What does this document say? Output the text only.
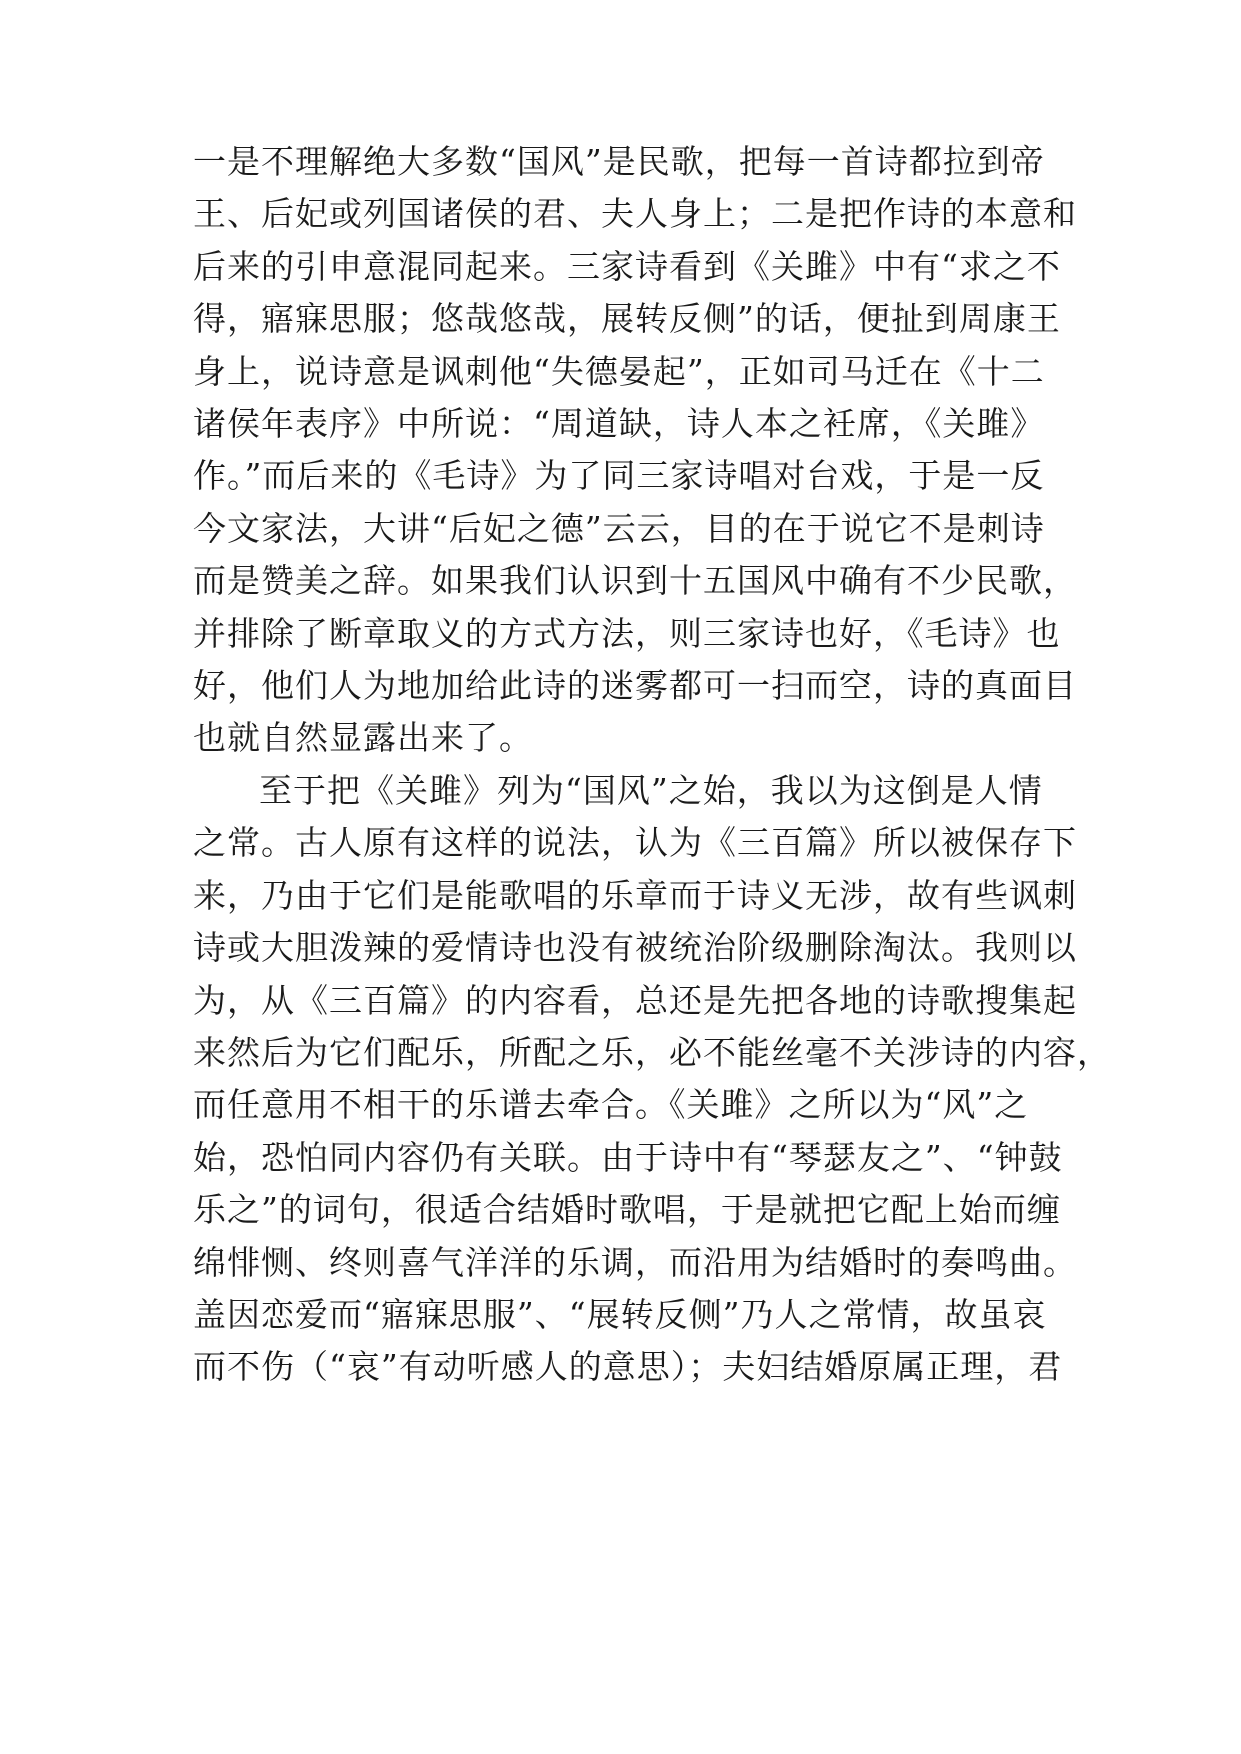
一是不理解绝大多数“国风”是民歌，把每一首诗都拉到帝
王、后妃或列国诸侯的君、夫人身上；二是把作诗的本意和
后来的引申意混同起来。三家诗看到《关雎》中有“求之不
得，寤寐思服；悠哉悠哉，展转反侧”的话，便扯到周康王
身上，说诗意是讽刺他“失德晏起”，正如司马迁在《十二
诸侯年表序》中所说：“周道缺，诗人本之衽席，《关雎》
作。”而后来的《毛诗》为了同三家诗唱对台戏，于是一反
今文家法，大讲“后妃之德”云云，目的在于说它不是刺诗
而是赞美之辞。如果我们认识到十五国风中确有不少民歌，
并排除了断章取义的方式方法，则三家诗也好，《毛诗》也
好，他们人为地加给此诗的迷雾都可一扫而空，诗的真面目
也就自然显露出来了。
至于把《关雎》列为“国风”之始，我以为这倒是人情
之常。古人原有这样的说法，认为《三百篇》所以被保存下
来，乃由于它们是能歌唱的乐章而于诗义无涉，故有些讽刺
诗或大胆泼辣的爱情诗也没有被统治阶级删除淘汰。我则以
为，从《三百篇》的内容看，总还是先把各地的诗歌搜集起
来然后为它们配乐，所配之乐，必不能丝毫不关涉诗的内容，
而任意用不相干的乐谱去牵合。《关雎》之所以为“风”之
始，恐怕同内容仍有关联。由于诗中有“琴瑟友之”、“钟鼓
乐之”的词句，很适合结婚时歌唱，于是就把它配上始而缠
绵悱恻、终则喜气洋洋的乐调，而沿用为结婚时的奏鸣曲。
盖因恋爱而“寤寐思服”、“展转反侧”乃人之常情，故虽哀
而不伤（“哀”有动听感人的意思）；夫妇结婚原属正理，君
